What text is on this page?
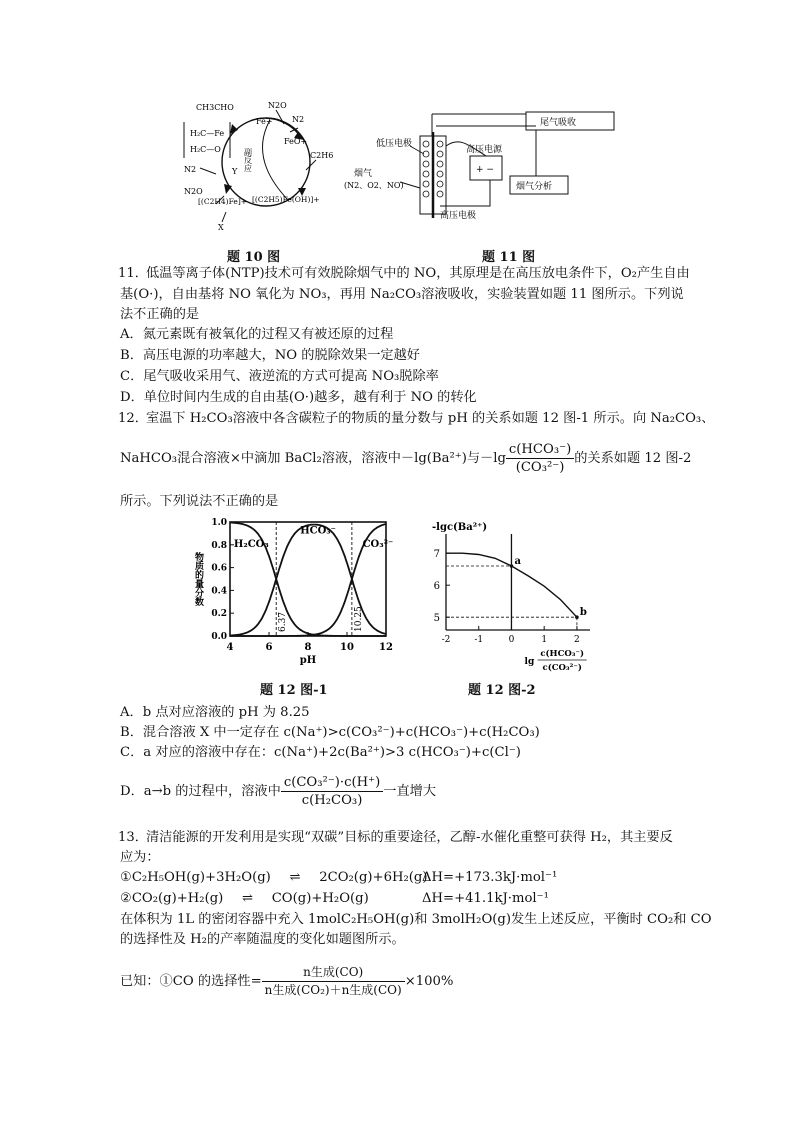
CH3CHO	N2O
Fe+ N2
FeO+
C2H6
副反应
Y
N2
N2O
[(C2H4)Fe]+ [(C2H5)Fe(OH)]+
X
H₂C—Fe
H₂C—O
题 10 图
尾气吸收
烟气分析
+ −
高压电源
低压电极
烟气
(N2、O2、NO)
高压电极
题 11 图
11．
低温等离子体(NTP)技术可有效脱除烟气中的 NO，其原理是在高压放电条件下，O₂产生自由
基(O·)，自由基将 NO 氧化为 NO₃，再用 Na₂CO₃溶液吸收，实验装置如题 11 图所示。下列说
法不正确的是
A．氮元素既有被氧化的过程又有被还原的过程
B．高压电源的功率越大，NO 的脱除效果一定越好
C．尾气吸收采用气、液逆流的方式可提高 NO₃脱除率
D．单位时间内生成的自由基(O·)越多，越有利于 NO 的转化
12．
室温下 H₂CO₃溶液中各含碳粒子的物质的量分数与 pH 的关系如题 12 图-1 所示。向 Na₂CO₃、
NaHCO₃混合溶液×中滴加 BaCl₂溶液，溶液中－lg(Ba²⁺)与$-\lg \frac{\text{c(HCO₃⁻)}}{\text{(CO₃²⁻)}}$ 的关系如题 12 图-2
所示。下列说法不正确的是
4	6	8	10	12
0.0
0.2
0.4
0.6
0.8
1.0
pH
物质的量分数
H₂CO₃
HCO₃⁻
CO₃²⁻
6.37	10.25
题 12 图-1
-lgc(Ba²⁺)
5
6
7
-2	-1	0	1	2
lg
c(HCO₃⁻)
c(CO₃²⁻)
a
b
题 12 图-2
A．b 点对应溶液的 pH 为 8.25
B．混合溶液 X 中一定存在 c(Na⁺)>c(CO₃²⁻)+c(HCO₃⁻)+c(H₂CO₃)
C．a 对应的溶液中存在：c(Na⁺)+2c(Ba²⁺)>3 c(HCO₃⁻)+c(Cl⁻)
D．a→b 的过程中，溶液中 $\frac{\text{c(CO₃²⁻)·c(H⁺)}}{\text{c(H₂CO₃)}}$ 一直增大
13．
清洁能源的开发利用是实现“双碳”目标的重要途径，乙醇-水催化重整可获得 H₂，其主要反
应为：
①C₂H₅OH(g)+3H₂O(g) ⇌ 2CO₂(g)+6H₂(g)
ΔH=+173.3kJ·mol⁻¹
②CO₂(g)+H₂(g) ⇌ CO(g)+H₂O(g)	ΔH=+41.1kJ·mol⁻¹
在体积为 1L 的密闭容器中充入 1molC₂H₅OH(g)和 3molH₂O(g)发生上述反应，平衡时 CO₂和 CO
的选择性及 H₂的产率随温度的变化如题图所示。
已知：①CO 的选择性= $\frac{\text{n生成(CO)}}{\text{n生成(CO₂)＋n生成(CO)}} \times 100\%$
